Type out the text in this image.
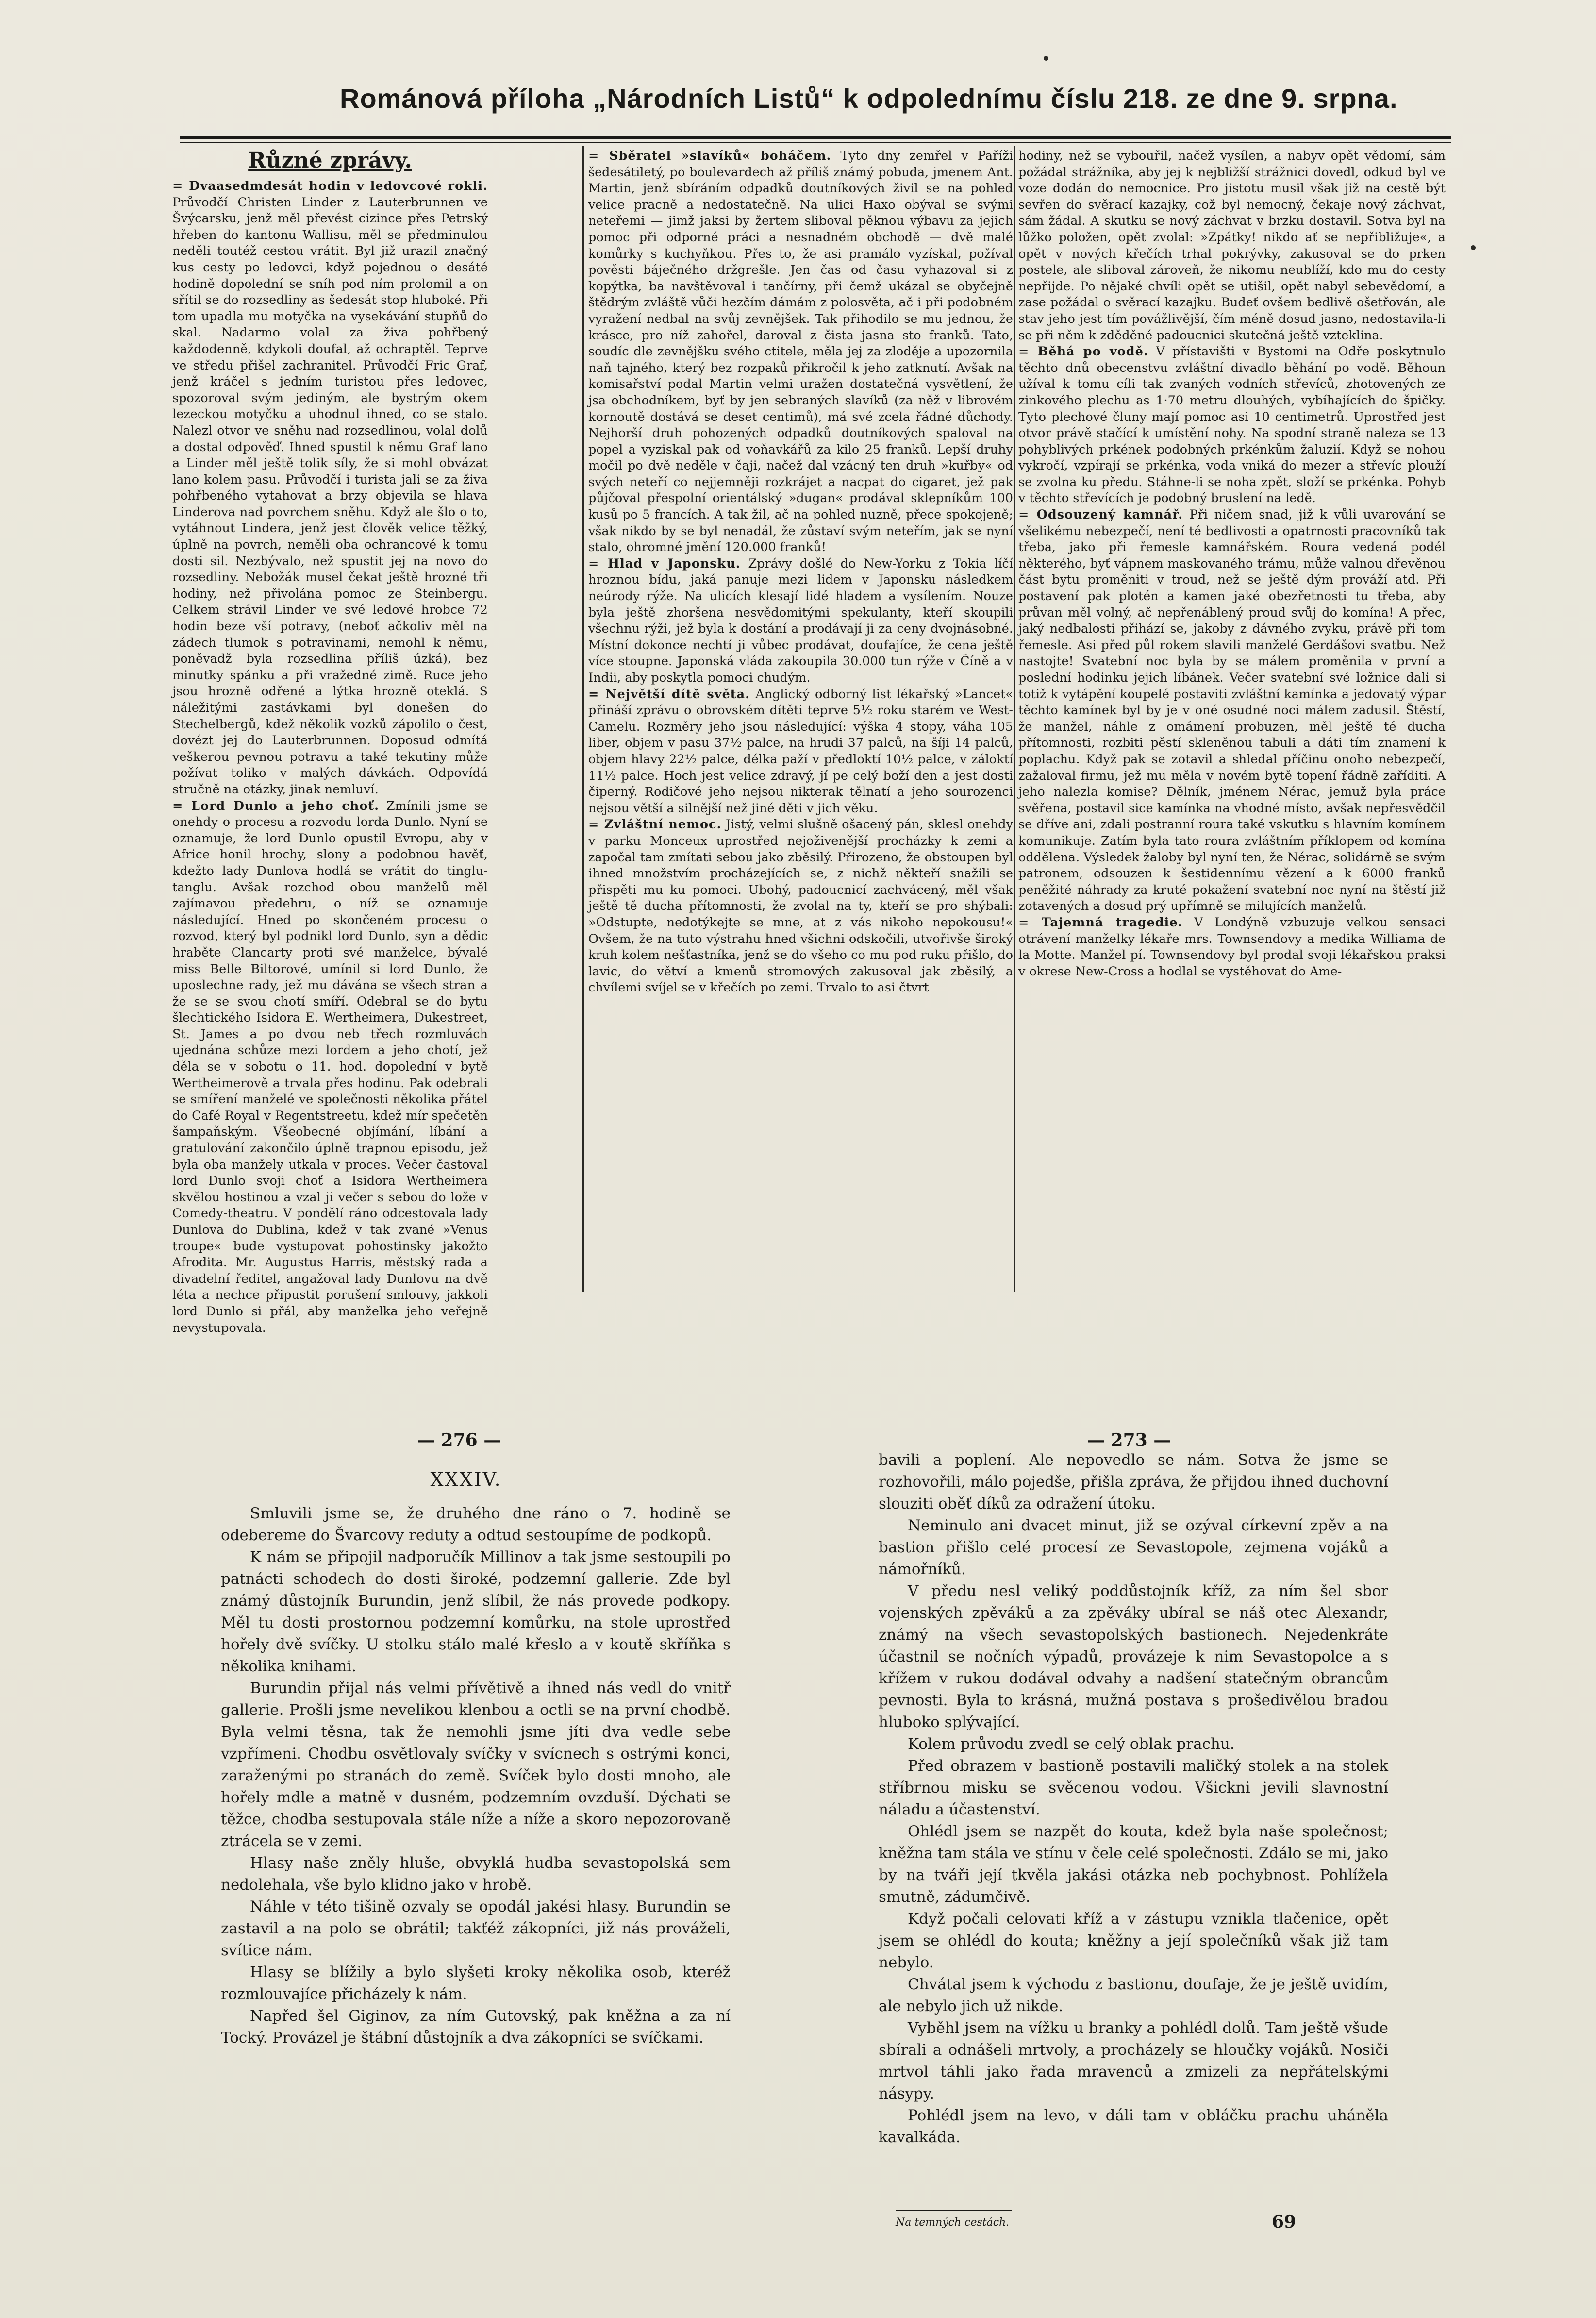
Románová příloha „Národních Listů“ k odpolednímu číslu 218. ze dne 9. srpna.
Různé zprávy.

= Dvaasedmdesát hodin v ledovcové rokli. Průvodčí Christen Linder z Lauterbrunnen ve Švýcarsku, jenž měl převést cizince přes Petrský hřeben do kantonu Wallisu, měl se předminulou neděli toutéž cestou vrátit. Byl již urazil značný kus cesty po ledovci, když pojednou o desáté hodině dopolední se sníh pod ním prolomil a on sřítil se do rozsedliny as šedesát stop hluboké. Při tom upadla mu motyčka na vysekávání stupňů do skal. Nadarmo volal za živa pohřbený každodenně, kdykoli doufal, až ochraptěl. Teprve ve středu přišel zachranitel. Průvodčí Fric Graf, jenž kráčel s jedním turistou přes ledovec, spozoroval svým jediným, ale bystrým okem lezeckou motyčku a uhodnul ihned, co se stalo. Nalezl otvor ve sněhu nad rozsedlinou, volal dolů a dostal odpověď. Ihned spustil k němu Graf lano a Linder měl ještě tolik síly, že si mohl obvázat lano kolem pasu. Průvodčí i turista jali se za živa pohřbeného vytahovat a brzy objevila se hlava Linderova nad povrchem sněhu. Když ale šlo o to, vytáhnout Lindera, jenž jest člověk velice těžký, úplně na povrch, neměli oba ochrancové k tomu dosti sil. Nezbývalo, než spustit jej na novo do rozsedliny. Nebožák musel čekat ještě hrozné tři hodiny, než přivolána pomoc ze Steinbergu. Celkem strávil Linder ve své ledové hrobce 72 hodin beze vší potravy, (neboť ačkoliv měl na zádech tlumok s potravinami, nemohl k němu, poněvadž byla rozsedlina příliš úzká), bez minutky spánku a při vražedné zimě. Ruce jeho jsou hrozně odřené a lýtka hrozně oteklá. S náležitými zastávkami byl donešen do Stechelbergů, kdež několik vozků zápolilo o čest, dovézt jej do Lauterbrunnen. Doposud odmítá veškerou pevnou potravu a také tekutiny může požívat toliko v malých dávkách. Odpovídá stručně na otázky, jinak nemluví.

= Lord Dunlo a jeho choť. Zmínili jsme se onehdy o procesu a rozvodu lorda Dunlo. Nyní se oznamuje, že lord Dunlo opustil Evropu, aby v Africe honil hrochy, slony a podobnou havěť, kdežto lady Dunlova hodlá se vrátit do tinglu-tanglu. Avšak rozchod obou manželů měl zajímavou předehru, o níž se oznamuje následující. Hned po skončeném procesu o rozvod, který byl podnikl lord Dunlo, syn a dědic hraběte Clancarty proti své manželce, bývalé miss Belle Biltorové, umínil si lord Dunlo, že uposlechne rady, jež mu dávána se všech stran a že se se svou chotí smíří. Odebral se do bytu šlechtického Isidora E. Wertheimera, Dukestreet, St. James a po dvou neb třech rozmluvách ujednána schůze mezi lordem a jeho chotí, jež děla se v sobotu o 11. hod. dopolední v bytě Wertheimerově a trvala přes hodinu. Pak odebrali se smíření manželé ve společnosti několika přátel do Café Royal v Regentstreetu, kdež mír spečetěn šampaňským. Všeobecné objímání, líbání a gratulování zakončilo úplně trapnou episodu, jež byla oba manžely utkala v proces. Večer častoval lord Dunlo svoji choť a Isidora Wertheimera skvělou hostinou a vzal ji večer s sebou do lože v Comedy-theatru. V pondělí ráno odcestovala lady Dunlova do Dublina, kdež v tak zvané »Venus troupe« bude vystupovat pohostinsky jakožto Afrodita. Mr. Augustus Harris, městský rada a divadelní ředitel, angažoval lady Dunlovu na dvě léta a nechce připustit porušení smlouvy, jakkoli lord Dunlo si přál, aby manželka jeho veřejně nevystupovala.

= Sběratel »slavíků« boháčem. Tyto dny zemřel v Paříži šedesátiletý, po boulevardech až příliš známý pobuda, jmenem Ant. Martin, jenž sbíráním odpadků doutníkových živil se na pohled velice pracně a nedostatečně. Na ulici Haxo obýval se svými neteřemi — jimž jaksi by žertem sliboval pěknou výbavu za jejich pomoc při odporné práci a nesnadném obchodě — dvě malé komůrky s kuchyňkou. Přes to, že asi pramálo vyzískal, požíval pověsti báječného držgrešle. Jen čas od času vyhazoval si z kopýtka, ba navštěvoval i tančírny, při čemž ukázal se obyčejně štědrým zvláště vůči hezčím dámám z polosvěta, ač i při podobném vyražení nedbal na svůj zevnějšek. Tak přihodilo se mu jednou, že krásce, pro níž zahořel, daroval z čista jasna sto franků. Tato, soudíc dle zevnějšku svého ctitele, měla jej za zloděje a upozornila naň tajného, který bez rozpaků přikročil k jeho zatknutí. Avšak na komisařství podal Martin velmi uražen dostatečná vysvětlení, že jsa obchodníkem, byť by jen sebraných slavíků (za něž v librovém kornoutě dostává se deset centimů), má své zcela řádné důchody. Nejhorší druh pohozených odpadků doutníkových spaloval na popel a vyziskal pak od voňavkářů za kilo 25 franků. Lepší druhy močil po dvě neděle v čaji, načež dal vzácný ten druh »kuřby« od svých neteří co nejjemněji rozkrájet a nacpat do cigaret, jež pak půjčoval přespolní orientálský »dugan« prodával sklepníkům 100 kusů po 5 francích. A tak žil, ač na pohled nuzně, přece spokojeně; však nikdo by se byl nenadál, že zůstaví svým neteřím, jak se nyní stalo, ohromné jmění 120.000 franků!

= Hlad v Japonsku. Zprávy došlé do New-Yorku z Tokia líčí hroznou bídu, jaká panuje mezi lidem v Japonsku následkem neúrody rýže. Na ulicích klesají lidé hladem a vysílením. Nouze byla ještě zhoršena nesvědomitými spekulanty, kteří skoupili všechnu rýži, jež byla k dostání a prodávají ji za ceny dvojnásobné. Místní dokonce nechtí ji vůbec prodávat, doufajíce, že cena ještě více stoupne. Japonská vláda zakoupila 30.000 tun rýže v Číně a v Indii, aby poskytla pomoci chudým.

= Největší dítě světa. Anglický odborný list lékařský »Lancet« přináší zprávu o obrovském dítěti teprve 5½ roku starém ve West-Camelu. Rozměry jeho jsou následující: výška 4 stopy, váha 105 liber, objem v pasu 37½ palce, na hrudi 37 palců, na šíji 14 palců, objem hlavy 22½ palce, délka paží v předloktí 10½ palce, v záloktí 11½ palce. Hoch jest velice zdravý, jí pe celý boží den a jest dosti čiperný. Rodičové jeho nejsou nikterak tělnatí a jeho sourozenci nejsou větší a silnější než jiné děti v jich věku.

= Zvláštní nemoc. Jistý, velmi slušně ošacený pán, sklesl onehdy v parku Monceux uprostřed nejoživenější procházky k zemi a započal tam zmítati sebou jako zběsilý. Přirozeno, že obstoupen byl ihned množstvím procházejících se, z nichž někteří snažili se přispěti mu ku pomoci. Ubohý, padoucnicí zachvácený, měl však ještě tě ducha přítomnosti, že zvolal na ty, kteří se pro shýbali: »Odstupte, nedotýkejte se mne, at z vás nikoho nepokousu!« Ovšem, že na tuto výstrahu hned všichni odskočili, utvořivše široký kruh kolem nešťastníka, jenž se do všeho co mu pod ruku přišlo, do lavic, do větví a kmenů stromových zakusoval jak zběsilý, a chvílemi svíjel se v křečích po zemi. Trvalo to asi čtvrt

hodiny, než se vybouřil, načež vysílen, a nabyv opět vědomí, sám požádal strážníka, aby jej k nejbližší strážnici dovedl, odkud byl ve voze dodán do nemocnice. Pro jistotu musil však již na cestě být sevřen do svěrací kazajky, což byl nemocný, čekaje nový záchvat, sám žádal. A skutku se nový záchvat v brzku dostavil. Sotva byl na lůžko položen, opět zvolal: »Zpátky! nikdo ať se nepřibližuje«, a opět v nových křečích trhal pokrývky, zakusoval se do prken postele, ale sliboval zároveň, že nikomu neublíží, kdo mu do cesty nepřijde. Po nějaké chvíli opět se utišil, opět nabyl sebevědomí, a zase požádal o svěrací kazajku. Budeť ovšem bedlivě ošetřován, ale stav jeho jest tím povážlivější, čím méně dosud jasno, nedostavila-li se při něm k zděděné padoucnici skutečná ještě vzteklina.

= Běhá po vodě. V přístavišti v Bystomi na Odře poskytnulo těchto dnů obecenstvu zvláštní divadlo běhání po vodě. Běhoun užíval k tomu cíli tak zvaných vodních střevíců, zhotovených ze zinkového plechu as 1·70 metru dlouhých, vybíhajících do špičky. Tyto plechové čluny mají pomoc asi 10 centimetrů. Uprostřed jest otvor právě stačící k umístění nohy. Na spodní straně naleza se 13 pohyblivých prkének podobných prkénkům žaluzií. Když se nohou vykročí, vzpírají se prkénka, voda vniká do mezer a střevíc plouží se zvolna ku předu. Stáhne-li se noha zpět, složí se prkénka. Pohyb v těchto střevících je podobný bruslení na ledě.

= Odsouzený kamnář. Při ničem snad, již k vůli uvarování se všelikému nebezpečí, není té bedlivosti a opatrnosti pracovníků tak třeba, jako při řemesle kamnářském. Roura vedená podél některého, byť vápnem maskovaného trámu, může valnou dřevěnou část bytu proměniti v troud, než se ještě dým prováží atd. Při postavení pak plotén a kamen jaké obezřetnosti tu třeba, aby průvan měl volný, ač nepřenáblený proud svůj do komína! A přec, jaký nedbalosti přihází se, jakoby z dávného zvyku, právě při tom řemesle. Asi před půl rokem slavili manželé Gerdášovi svatbu. Než nastojte! Svatební noc byla by se málem proměnila v první a poslední hodinku jejich líbánek. Večer svatební své ložnice dali si totiž k vytápění koupelé postaviti zvláštní kamínka a jedovatý výpar těchto kamínek byl by je v oné osudné noci málem zadusil. Štěstí, že manžel, náhle z omámení probuzen, měl ještě té ducha přítomnosti, rozbiti pěstí skleněnou tabuli a dáti tím znamení k poplachu. Když pak se zotavil a shledal příčinu onoho nebezpečí, zažaloval firmu, jež mu měla v novém bytě topení řádně zaříditi. A jeho nalezla komise? Dělník, jménem Nérac, jemuž byla práce svěřena, postavil sice kamínka na vhodné místo, avšak nepřesvědčil se dříve ani, zdali postranní roura také vskutku s hlavním komínem komunikuje. Zatím byla tato roura zvláštním příklopem od komína oddělena. Výsledek žaloby byl nyní ten, že Nérac, solidárně se svým patronem, odsouzen k šestidennímu vězení a k 6000 franků peněžité náhrady za kruté pokažení svatební noc nyní na štěstí již zotavených a dosud prý upřímně se milujících manželů.

= Tajemná tragedie. V Londýně vzbuzuje velkou sensaci otrávení manželky lékaře mrs. Townsendovy a medika Williama de la Motte. Manžel pí. Townsendovy byl prodal svoji lékařskou praksi v okrese New-Cross a hodlal se vystěhovat do Ame-

— 276 —	— 273 —
XXXIV.

Smluvili jsme se, že druhého dne ráno o 7. hodině se odebereme do Švarcovy reduty a odtud sestoupíme de podkopů.

K nám se připojil nadporučík Millinov a tak jsme sestoupili po patnácti schodech do dosti široké, podzemní gallerie. Zde byl známý důstojník Burundin, jenž slíbil, že nás provede podkopy. Měl tu dosti prostornou podzemní komůrku, na stole uprostřed hořely dvě svíčky. U stolku stálo malé křeslo a v koutě skříňka s několika knihami.

Burundin přijal nás velmi přívětivě a ihned nás vedl do vnitř gallerie. Prošli jsme nevelikou klenbou a octli se na první chodbě. Byla velmi těsna, tak že nemohli jsme jíti dva vedle sebe vzpřímeni. Chodbu osvětlovaly svíčky v svícnech s ostrými konci, zaraženými po stranách do země. Svíček bylo dosti mnoho, ale hořely mdle a matně v dusném, podzemním ovzduší. Dýchati se těžce, chodba sestupovala stále níže a níže a skoro nepozorovaně ztrácela se v zemi.

Hlasy naše zněly hluše, obvyklá hudba sevastopolská sem nedolehala, vše bylo klidno jako v hrobě.

Náhle v této tišině ozvaly se opodál jakési hlasy. Burundin se zastavil a na polo se obrátil; takťéž zákopníci, již nás prováželi, svítice nám.

Hlasy se blížily a bylo slyšeti kroky několika osob, kteréž rozmlouvajíce přicházely k nám.

Napřed šel Giginov, za ním Gutovský, pak kněžna a za ní Tocký. Provázel je štábní důstojník a dva zákopníci se svíčkami.

bavili a poplení. Ale nepovedlo se nám. Sotva že jsme se rozhovořili, málo pojedše, přišla zpráva, že přijdou ihned duchovní slouziti oběť díků za odražení útoku.

Neminulo ani dvacet minut, již se ozýval církevní zpěv a na bastion přišlo celé procesí ze Sevastopole, zejmena vojáků a námořníků.

V předu nesl veliký poddůstojník kříž, za ním šel sbor vojenských zpěváků a za zpěváky ubíral se náš otec Alexandr, známý na všech sevastopolských bastionech. Nejedenkráte účastnil se nočních výpadů, provázeje k nim Sevastopolce a s křížem v rukou dodával odvahy a nadšení statečným obrancům pevnosti. Byla to krásná, mužná postava s prošedivělou bradou hluboko splývající.

Kolem průvodu zvedl se celý oblak prachu.

Před obrazem v bastioně postavili maličký stolek a na stolek stříbrnou misku se svěcenou vodou. Všickni jevili slavnostní náladu a účastenství.

Ohlédl jsem se nazpět do kouta, kdež byla naše společnost; kněžna tam stála ve stínu v čele celé společnosti. Zdálo se mi, jako by na tváři její tkvěla jakási otázka neb pochybnost. Pohlížela smutně, zádumčivě.

Když počali celovati kříž a v zástupu vznikla tlačenice, opět jsem se ohlédl do kouta; kněžny a její společníků však již tam nebylo.

Chvátal jsem k východu z bastionu, doufaje, že je ještě uvidím, ale nebylo jich už nikde.

Vyběhl jsem na vížku u branky a pohlédl dolů. Tam ještě všude sbírali a odnášeli mrtvoly, a procházely se hloučky vojáků. Nosiči mrtvol táhli jako řada mravenců a zmizeli za nepřátelskými násypy.

Pohlédl jsem na levo, v dáli tam v obláčku prachu uháněla kavalkáda.

Na temných cestách.	69
